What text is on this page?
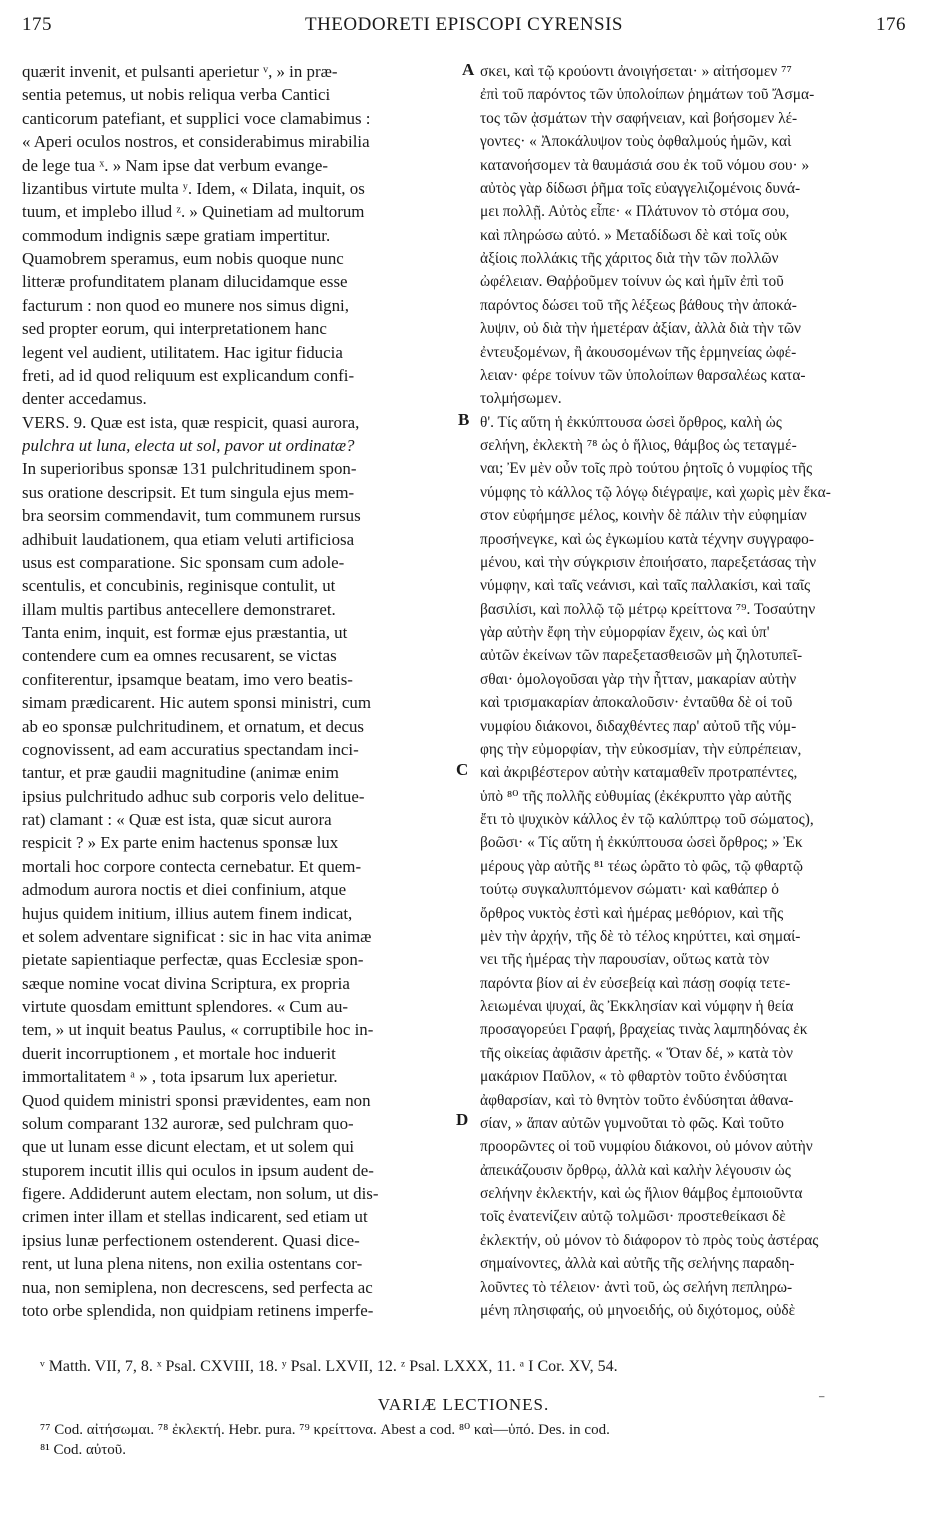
175	THEODORETI EPISCOPI CYRENSIS	176
quærit invenit, et pulsanti aperietur ᵛ, » in præ-
sentia petemus, ut nobis reliqua verba Cantici
canticorum patefiant, et supplici voce clamabimus :
« Aperi oculos nostros, et considerabimus mirabilia
de lege tua ˣ. » Nam ipse dat verbum evange-
lizantibus virtute multa ʸ. Idem, « Dilata, inquit, os
tuum, et implebo illud ᶻ. » Quinetiam ad multorum
commodum indignis sæpe gratiam impertitur.
Quamobrem speramus, eum nobis quoque nunc
litteræ profunditatem planam dilucidamque esse
facturum : non quod eo munere nos simus digni,
sed propter eorum, qui interpretationem hanc
legent vel audient, utilitatem. Hac igitur fiducia
freti, ad id quod reliquum est explicandum confi-
denter accedamus.
VERS. 9. Quæ est ista, quæ respicit, quasi aurora,
pulchra ut luna, electa ut sol, pavor ut ordinatæ?
In superioribus sponsæ 131 pulchritudinem spon-
sus oratione descripsit. Et tum singula ejus mem-
bra seorsim commendavit, tum communem rursus
adhibuit laudationem, qua etiam veluti artificiosa
usus est comparatione. Sic sponsam cum adole-
scentulis, et concubinis, reginisque contulit, ut
illam multis partibus antecellere demonstraret.
Tanta enim, inquit, est formæ ejus præstantia, ut
contendere cum ea omnes recusarent, se victas
confiterentur, ipsamque beatam, imo vero beatis-
simam prædicarent. Hic autem sponsi ministri, cum
ab eo sponsæ pulchritudinem, et ornatum, et decus
cognovissent, ad eam accuratius spectandam inci-
tantur, et præ gaudii magnitudine (animæ enim
ipsius pulchritudo adhuc sub corporis velo delitue-
rat) clamant : « Quæ est ista, quæ sicut aurora
respicit ? » Ex parte enim hactenus sponsæ lux
mortali hoc corpore contecta cernebatur. Et quem-
admodum aurora noctis et diei confinium, atque
hujus quidem initium, illius autem finem indicat,
et solem adventare significat : sic in hac vita animæ
pietate sapientiaque perfectæ, quas Ecclesiæ spon-
sæque nomine vocat divina Scriptura, ex propria
virtute quosdam emittunt splendores. « Cum au-
tem, » ut inquit beatus Paulus, « corruptibile hoc in-
duerit incorruptionem , et mortale hoc induerit
immortalitatem ᵃ » , tota ipsarum lux aperietur.
Quod quidem ministri sponsi prævidentes, eam non
solum comparant 132 auroræ, sed pulchram quo-
que ut lunam esse dicunt electam, et ut solem qui
stuporem incutit illis qui oculos in ipsum audent de-
figere. Addiderunt autem electam, non solum, ut dis-
crimen inter illam et stellas indicarent, sed etiam ut
ipsius lunæ perfectionem ostenderent. Quasi dice-
rent, ut luna plena nitens, non exilia ostentans cor-
nua, non semiplena, non decrescens, sed perfecta ac
toto orbe splendida, non quidpiam retinens imperfe-
σκει, καὶ τῷ κρούοντι ἀνοιγήσεται· » αἰτήσομεν ⁷⁷
ἐπὶ τοῦ παρόντος τῶν ὑπολοίπων ῥημάτων τοῦ Ἄσμα-
τος τῶν ᾀσμάτων τὴν σαφήνειαν, καὶ βοήσομεν λέ-
γοντες· « Ἀποκάλυψον τοὺς ὀφθαλμούς ἡμῶν, καὶ
κατανοήσομεν τὰ θαυμάσιά σου ἐκ τοῦ νόμου σου· »
αὐτὸς γὰρ δίδωσι ῥῆμα τοῖς εὐαγγελιζομένοις δυνά-
μει πολλῇ. Αὐτὸς εἶπε· « Πλάτυνον τὸ στόμα σου,
καὶ πληρώσω αὐτό. » Μεταδίδωσι δὲ καὶ τοῖς οὐκ
ἀξίοις πολλάκις τῆς χάριτος διὰ τὴν τῶν πολλῶν
ὠφέλειαν. Θαῤῥοῦμεν τοίνυν ὡς καὶ ἡμῖν ἐπὶ τοῦ
παρόντος δώσει τοῦ τῆς λέξεως βάθους τὴν ἀποκά-
λυψιν, οὐ διὰ τὴν ἡμετέραν ἀξίαν, ἀλλὰ διὰ τὴν τῶν
ἐντευξομένων, ἢ ἀκουσομένων τῆς ἑρμηνείας ὠφέ-
λειαν· φέρε τοίνυν τῶν ὑπολοίπων θαρσαλέως κατα-
τολμήσωμεν.
θ'. Τίς αὕτη ἡ ἐκκύπτουσα ὡσεὶ ὄρθρος, καλὴ ὡς
σελήνη, ἐκλεκτὴ ⁷⁸ ὡς ὁ ἥλιος, θάμβος ὡς τεταγμέ-
ναι; Ἐν μὲν οὖν τοῖς πρὸ τούτου ῥητοῖς ὁ νυμφίος τῆς
νύμφης τὸ κάλλος τῷ λόγῳ διέγραψε, καὶ χωρὶς μὲν ἕκα-
στον εὐφήμησε μέλος, κοινὴν δὲ πάλιν τὴν εὐφημίαν
προσήνεγκε, καὶ ὡς ἐγκωμίου κατὰ τέχνην συγγραφο-
μένου, καὶ τὴν σύγκρισιν ἐποιήσατο, παρεξετάσας τὴν
νύμφην, καὶ ταῖς νεάνισι, καὶ ταῖς παλλακίσι, καὶ ταῖς
βασιλίσι, καὶ πολλῷ τῷ μέτρῳ κρείττονα ⁷⁹. Τοσαύτην
γὰρ αὐτὴν ἔφη τὴν εὐμορφίαν ἔχειν, ὡς καὶ ὑπ'
αὐτῶν ἐκείνων τῶν παρεξετασθεισῶν μὴ ζηλοτυπεῖ-
σθαι· ὁμολογοῦσαι γὰρ τὴν ἧτταν, μακαρίαν αὐτὴν
καὶ τρισμακαρίαν ἀποκαλοῦσιν· ἐνταῦθα δὲ οἱ τοῦ
νυμφίου διάκονοι, διδαχθέντες παρ' αὐτοῦ τῆς νύμ-
φης τὴν εὐμορφίαν, τὴν εὐκοσμίαν, τὴν εὐπρέπειαν,
καὶ ἀκριβέστερον αὐτὴν καταμαθεῖν προτραπέντες,
ὑπὸ ⁸⁰ τῆς πολλῆς εὐθυμίας (ἐκέκρυπτο γὰρ αὐτῆς
ἔτι τὸ ψυχικὸν κάλλος ἐν τῷ καλύπτρῳ τοῦ σώματος),
βοῶσι· « Τίς αὕτη ἡ ἐκκύπτουσα ὡσεὶ ὄρθρος; » Ἐκ
μέρους γὰρ αὐτῆς ⁸¹ τέως ὡρᾶτο τὸ φῶς, τῷ φθαρτῷ
τούτῳ συγκαλυπτόμενον σώματι· καὶ καθάπερ ὁ
ὄρθρος νυκτὸς ἐστὶ καὶ ἡμέρας μεθόριον, καὶ τῆς
μὲν τὴν ἀρχήν, τῆς δὲ τὸ τέλος κηρύττει, καὶ σημαί-
νει τῆς ἡμέρας τὴν παρουσίαν, οὕτως κατὰ τὸν
παρόντα βίον αἱ ἐν εὐσεβείᾳ καὶ πάσῃ σοφίᾳ τετε-
λειωμέναι ψυχαί, ἃς Ἐκκλησίαν καὶ νύμφην ἡ θεία
προσαγορεύει Γραφή, βραχείας τινὰς λαμπηδόνας ἐκ
τῆς οἰκείας ἀφιᾶσιν ἀρετῆς. « Ὅταν δέ, » κατὰ τὸν
μακάριον Παῦλον, « τὸ φθαρτὸν τοῦτο ἐνδύσηται
ἀφθαρσίαν, καὶ τὸ θνητὸν τοῦτο ἐνδύσηται ἀθανα-
σίαν, » ἅπαν αὐτῶν γυμνοῦται τὸ φῶς. Καὶ τοῦτο
προορῶντες οἱ τοῦ νυμφίου διάκονοι, οὐ μόνον αὐτὴν
ἀπεικάζουσιν ὄρθρῳ, ἀλλὰ καὶ καλὴν λέγουσιν ὡς
σελήνην ἐκλεκτήν, καὶ ὡς ἥλιον θάμβος ἐμποιοῦντα
τοῖς ἐνατενίζειν αὐτῷ τολμῶσι· προστεθείκασι δὲ
ἐκλεκτήν, οὐ μόνον τὸ διάφορον τὸ πρὸς τοὺς ἀστέρας
σημαίνοντες, ἀλλὰ καὶ αὐτῆς τῆς σελήνης παραδη-
λοῦντες τὸ τέλειον· ἀντὶ τοῦ, ὡς σελήνη πεπληρω-
μένη πλησιφαής, οὐ μηνοειδής, οὐ διχότομος, οὐδὲ
A
B
C
D
ᵛ Matth. VII, 7, 8. ˣ Psal. CXVIII, 18. ʸ Psal. LXVII, 12. ᶻ Psal. LXXX, 11. ᵃ I Cor. XV, 54.
⁻
VARIÆ LECTIONES.
⁷⁷ Cod. αἰτήσωμαι. ⁷⁸ ἐκλεκτή. Hebr. pura. ⁷⁹ κρείττονα. Abest a cod. ⁸⁰ καὶ—ὑπό. Des. in cod.
⁸¹ Cod. αὐτοῦ.
